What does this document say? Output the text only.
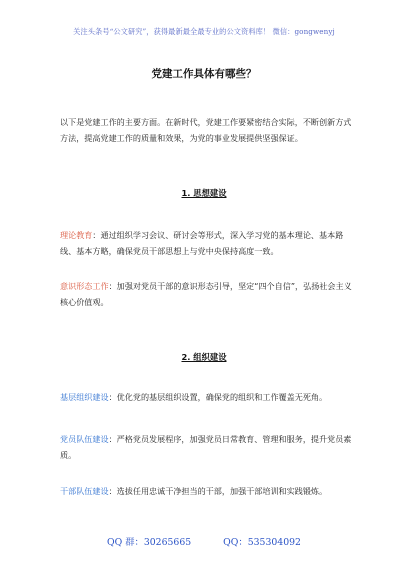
关注头条号“公文研究”，获得最新最全最专业的公文资料库！ 微信：gongwenyj
党建工作具体有哪些？
以下是党建工作的主要方面。在新时代，党建工作要紧密结合实际，不断创新方式方法，提高党建工作的质量和效果，为党的事业发展提供坚强保证。
1. 思想建设
理论教育：通过组织学习会议、研讨会等形式，深入学习党的基本理论、基本路线、基本方略，确保党员干部思想上与党中央保持高度一致。
意识形态工作：加强对党员干部的意识形态引导，坚定“四个自信”，弘扬社会主义核心价值观。
2. 组织建设
基层组织建设：优化党的基层组织设置，确保党的组织和工作覆盖无死角。
党员队伍建设：严格党员发展程序，加强党员日常教育、管理和服务，提升党员素质。
干部队伍建设：选拔任用忠诚干净担当的干部，加强干部培训和实践锻炼。
QQ 群：30265665	QQ：535304092
